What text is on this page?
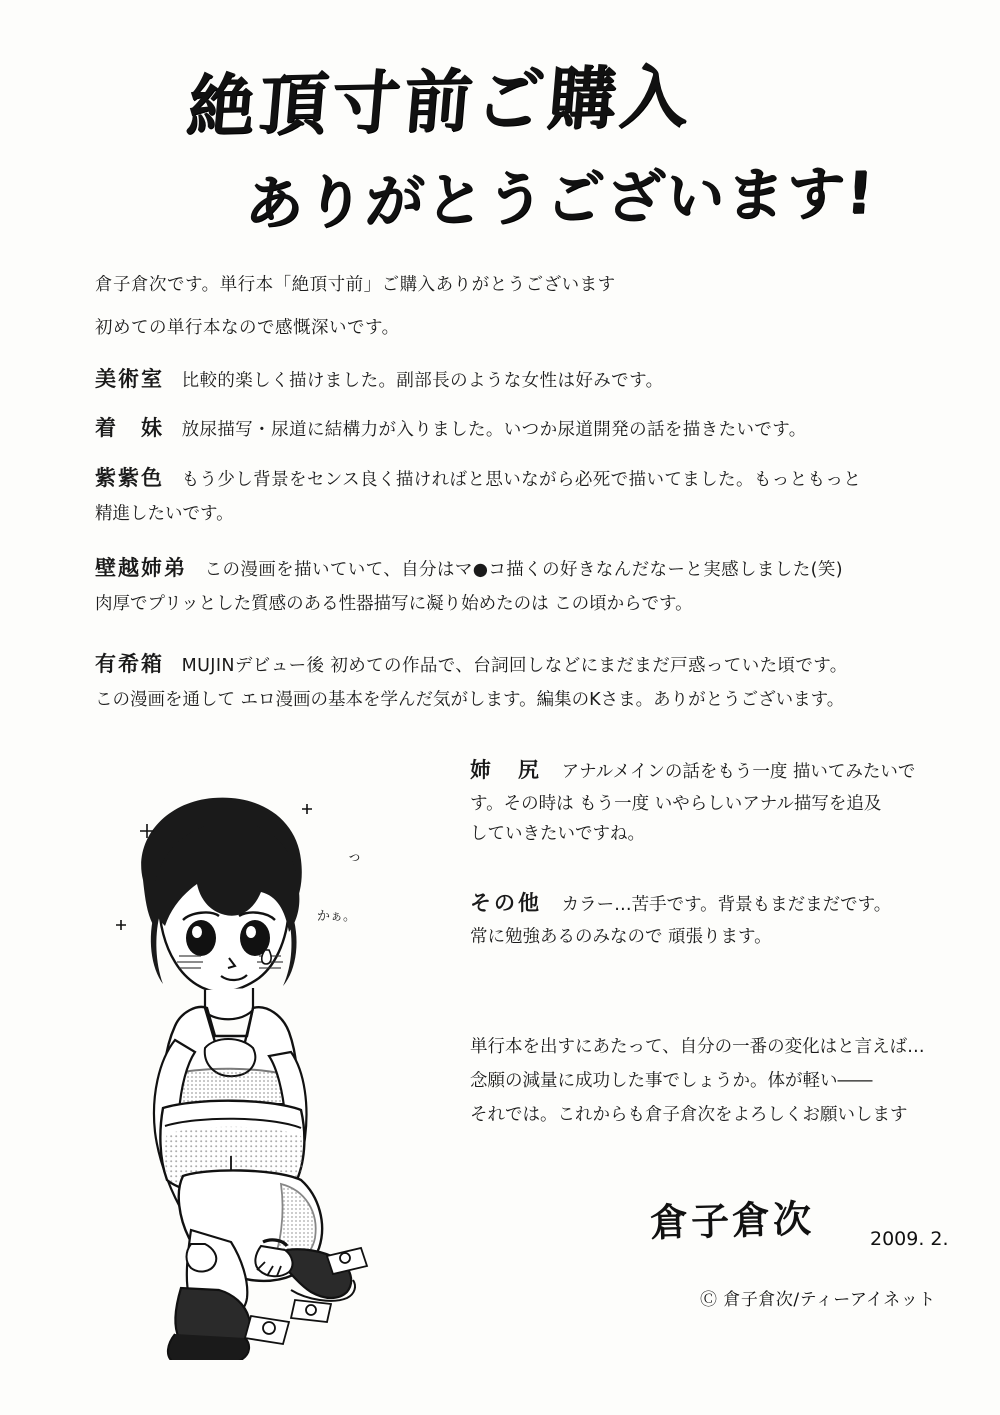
絶頂寸前ご購入
ありがとうございます!
倉子倉次です。単行本「絶頂寸前」ご購入ありがとうございます
初めての単行本なので感慨深いです。
美術室 比較的楽しく描けました。副部長のような女性は好みです。
着　妹 放尿描写・尿道に結構力が入りました。いつか尿道開発の話を描きたいです。
紫紫色 もう少し背景をセンス良く描ければと思いながら必死で描いてました。もっともっと
精進したいです。
壁越姉弟 この漫画を描いていて、自分はマ●コ描くの好きなんだなーと実感しました(笑)
肉厚でプリッとした質感のある性器描写に凝り始めたのは この頃からです。
有希箱 MUJINデビュー後 初めての作品で、台詞回しなどにまだまだ戸惑っていた頃です。
この漫画を通して エロ漫画の基本を学んだ気がします。編集のKさま。ありがとうございます。
姉　尻 アナルメインの話をもう一度 描いてみたいで
す。その時は もう一度 いやらしいアナル描写を追及
していきたいですね。
その他 カラー…苦手です。背景もまだまだです。
常に勉強あるのみなので 頑張ります。
単行本を出すにあたって、自分の一番の変化はと言えば…
念願の減量に成功した事でしょうか。体が軽い――
それでは。これからも倉子倉次をよろしくお願いします
倉子倉次	2009. 2.
Ⓒ 倉子倉次/ティーアイネット
っ
かぁ。
